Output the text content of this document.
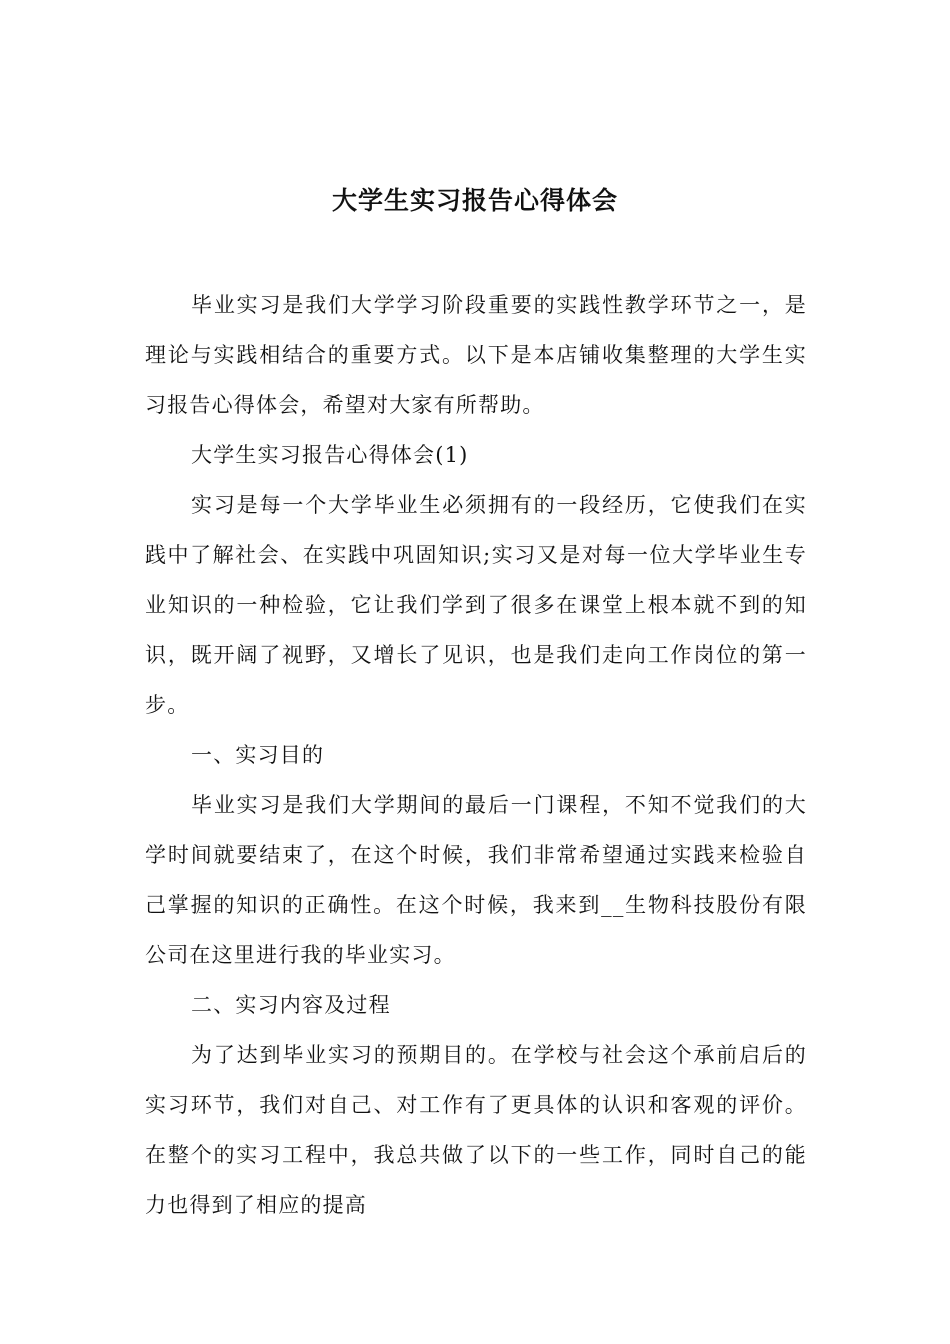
大学生实习报告心得体会

毕业实习是我们大学学习阶段重要的实践性教学环节之一，是理论与实践相结合的重要方式。以下是本店铺收集整理的大学生实习报告心得体会，希望对大家有所帮助。

大学生实习报告心得体会(1)

实习是每一个大学毕业生必须拥有的一段经历，它使我们在实践中了解社会、在实践中巩固知识;实习又是对每一位大学毕业生专业知识的一种检验，它让我们学到了很多在课堂上根本就不到的知识，既开阔了视野，又增长了见识，也是我们走向工作岗位的第一步。

一、实习目的

毕业实习是我们大学期间的最后一门课程，不知不觉我们的大学时间就要结束了，在这个时候，我们非常希望通过实践来检验自己掌握的知识的正确性。在这个时候，我来到__生物科技股份有限公司在这里进行我的毕业实习。

二、实习内容及过程

为了达到毕业实习的预期目的。在学校与社会这个承前启后的实习环节，我们对自己、对工作有了更具体的认识和客观的评价。在整个的实习工程中，我总共做了以下的一些工作，同时自己的能力也得到了相应的提高
